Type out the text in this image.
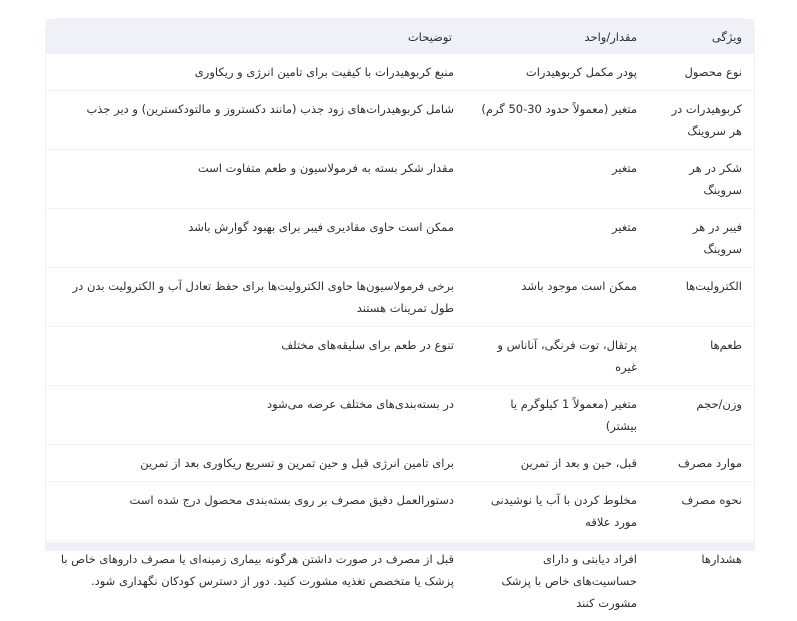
ویژگی	مقدار/واحد	توضیحات
نوع محصول	پودر مکمل کربوهیدرات	منبع کربوهیدرات با کیفیت برای تامین انرژی و ریکاوری
کربوهیدرات در هر سروینگ	متغیر (معمولاً حدود 30-50 گرم)	شامل کربوهیدرات‌های زود جذب (مانند دکستروز و مالتودکسترین) و دیر جذب
شکر در هر سروینگ	متغیر	مقدار شکر بسته به فرمولاسیون و طعم متفاوت است
فیبر در هر سروینگ	متغیر	ممکن است حاوی مقادیری فیبر برای بهبود گوارش باشد
الکترولیت‌ها	ممکن است موجود باشد	برخی فرمولاسیون‌ها حاوی الکترولیت‌ها برای حفظ تعادل آب و الکترولیت بدن در طول تمرینات هستند
طعم‌ها	پرتقال، توت فرنگی، آناناس و غیره	تنوع در طعم برای سلیقه‌های مختلف
وزن/حجم	متغیر (معمولاً 1 کیلوگرم یا بیشتر)	در بسته‌بندی‌های مختلف عرضه می‌شود
موارد مصرف	قبل، حین و بعد از تمرین	برای تامین انرژی قبل و حین تمرین و تسریع ریکاوری بعد از تمرین
نحوه مصرف	مخلوط کردن با آب یا نوشیدنی مورد علاقه	دستورالعمل دقیق مصرف بر روی بسته‌بندی محصول درج شده است
هشدارها	افراد دیابتی و دارای حساسیت‌های خاص با پزشک مشورت کنند	قبل از مصرف در صورت داشتن هرگونه بیماری زمینه‌ای یا مصرف داروهای خاص با پزشک یا متخصص تغذیه مشورت کنید. دور از دسترس کودکان نگهداری شود.
